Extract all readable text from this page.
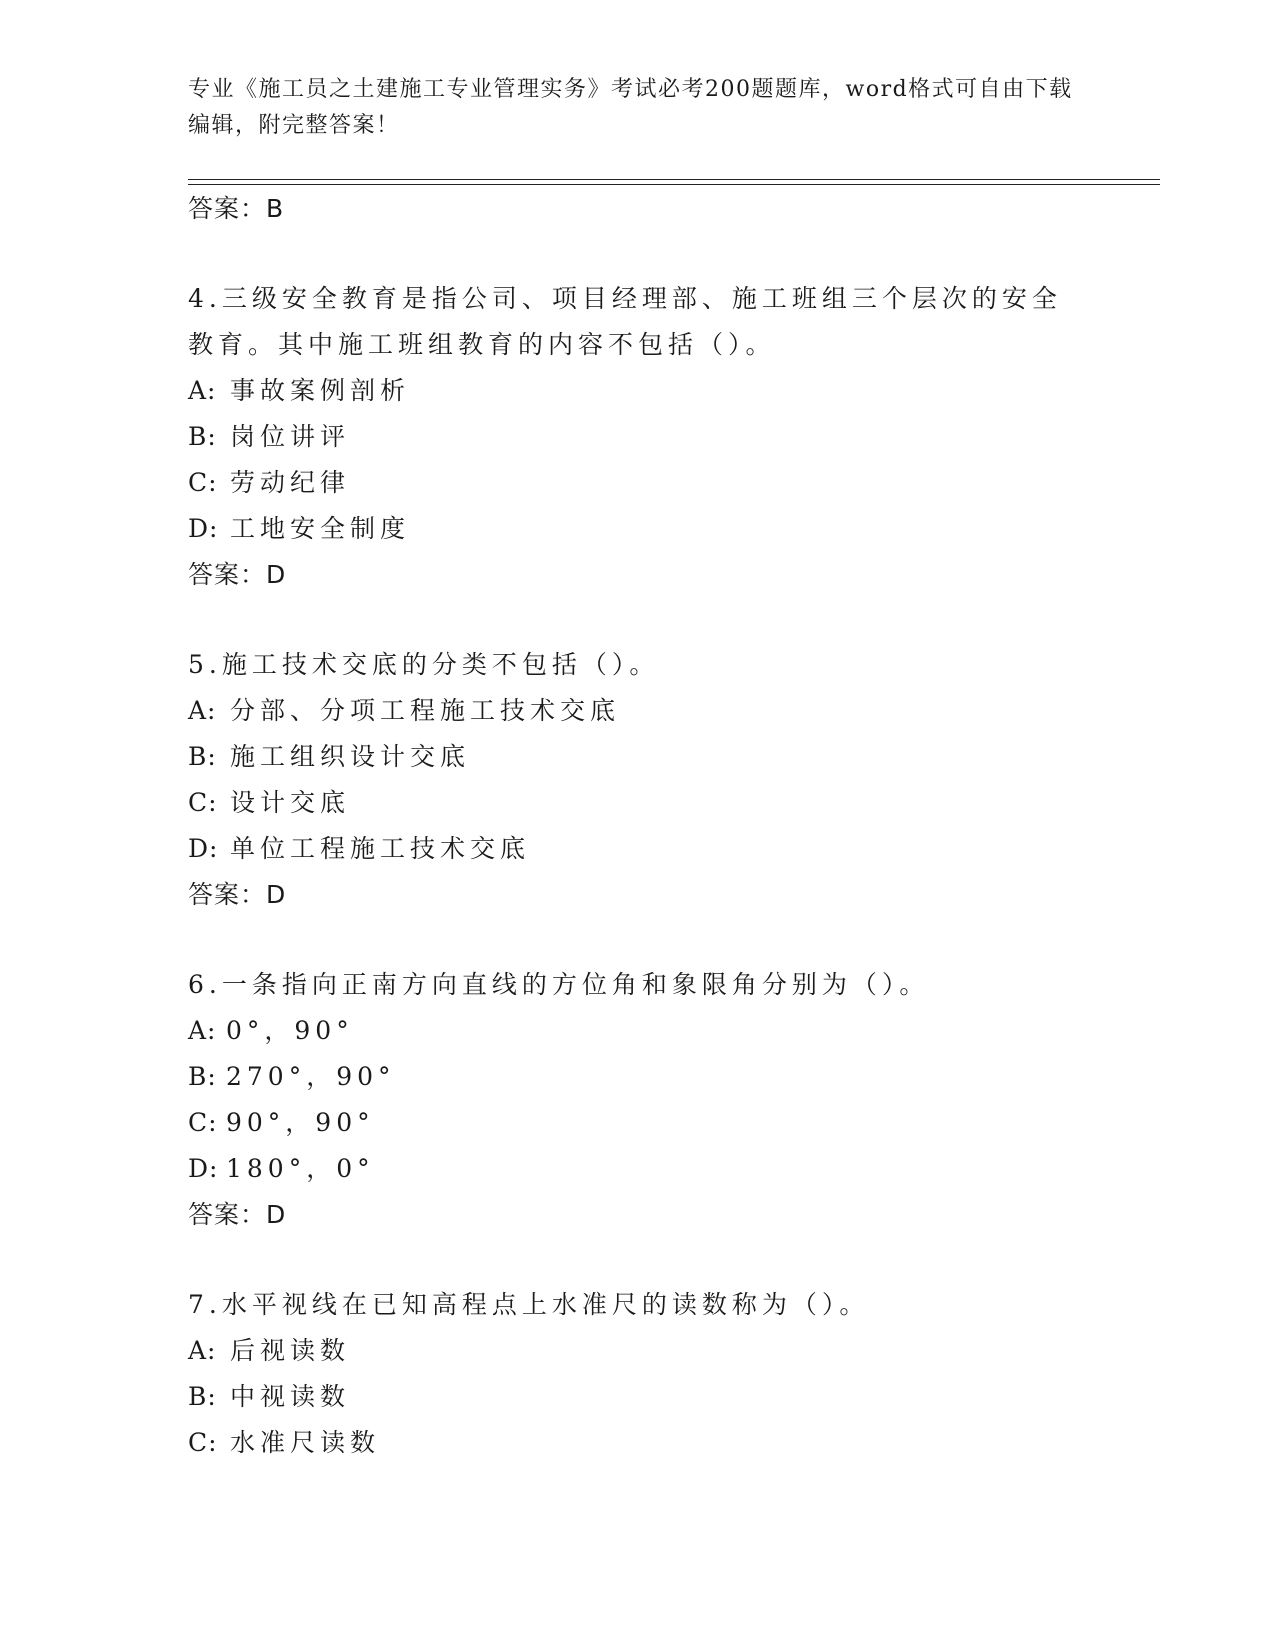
专业《施工员之土建施工专业管理实务》考试必考200题题库，word格式可自由下载编辑，附完整答案！
答案：B
4.三级安全教育是指公司、项目经理部、施工班组三个层次的安全教育。其中施工班组教育的内容不包括（）。
A: 事故案例剖析
B: 岗位讲评
C: 劳动纪律
D: 工地安全制度
答案：D
5.施工技术交底的分类不包括（）。
A: 分部、分项工程施工技术交底
B: 施工组织设计交底
C: 设计交底
D: 单位工程施工技术交底
答案：D
6.一条指向正南方向直线的方位角和象限角分别为（）。
A: 0°，90°
B: 270°，90°
C: 90°，90°
D: 180°，0°
答案：D
7.水平视线在已知高程点上水准尺的读数称为（）。
A: 后视读数
B: 中视读数
C: 水准尺读数
